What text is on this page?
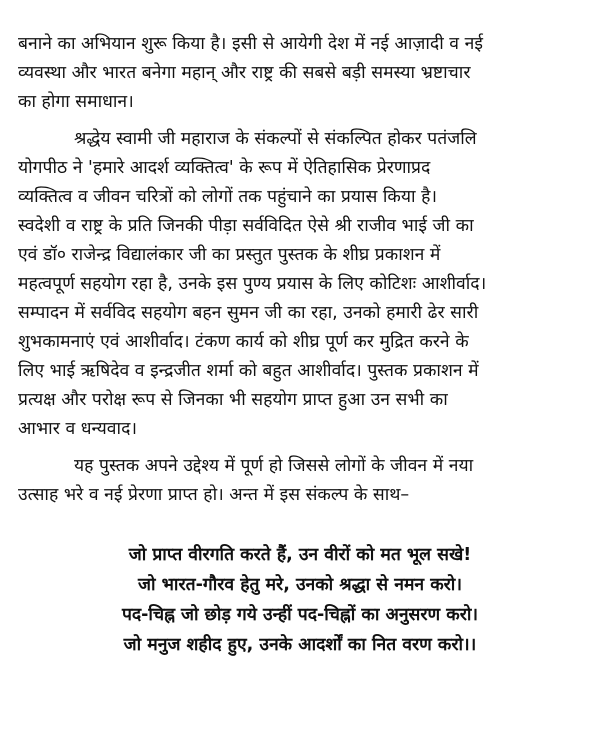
बनाने का अभियान शुरू किया है। इसी से आयेगी देश में नई आज़ादी व नई
व्यवस्था और भारत बनेगा महान् और राष्ट्र की सबसे बड़ी समस्या भ्रष्टाचार
का होगा समाधान।
श्रद्धेय स्वामी जी महाराज के संकल्पों से संकल्पित होकर पतंजलि
योगपीठ ने 'हमारे आदर्श व्यक्तित्व' के रूप में ऐतिहासिक प्रेरणाप्रद
व्यक्तित्व व जीवन चरित्रों को लोगों तक पहुंचाने का प्रयास किया है।
स्वदेशी व राष्ट्र के प्रति जिनकी पीड़ा सर्वविदित ऐसे श्री राजीव भाई जी का
एवं डॉ० राजेन्द्र विद्यालंकार जी का प्रस्तुत पुस्तक के शीघ्र प्रकाशन में
महत्वपूर्ण सहयोग रहा है, उनके इस पुण्य प्रयास के लिए कोटिशः आशीर्वाद।
सम्पादन में सर्वविद सहयोग बहन सुमन जी का रहा, उनको हमारी ढेर सारी
शुभकामनाएं एवं आशीर्वाद। टंकण कार्य को शीघ्र पूर्ण कर मुद्रित करने के
लिए भाई ऋषिदेव व इन्द्रजीत शर्मा को बहुत आशीर्वाद। पुस्तक प्रकाशन में
प्रत्यक्ष और परोक्ष रूप से जिनका भी सहयोग प्राप्त हुआ उन सभी का
आभार व धन्यवाद।
यह पुस्तक अपने उद्देश्य में पूर्ण हो जिससे लोगों के जीवन में नया
उत्साह भरे व नई प्रेरणा प्राप्त हो। अन्त में इस संकल्प के साथ–
जो प्राप्त वीरगति करते हैं, उन वीरों को मत भूल सखे!
जो भारत-गौरव हेतु मरे, उनको श्रद्धा से नमन करो।
पद-चिह्न जो छोड़ गये उन्हीं पद-चिह्नों का अनुसरण करो।
जो मनुज शहीद हुए, उनके आदर्शों का नित वरण करो।।
